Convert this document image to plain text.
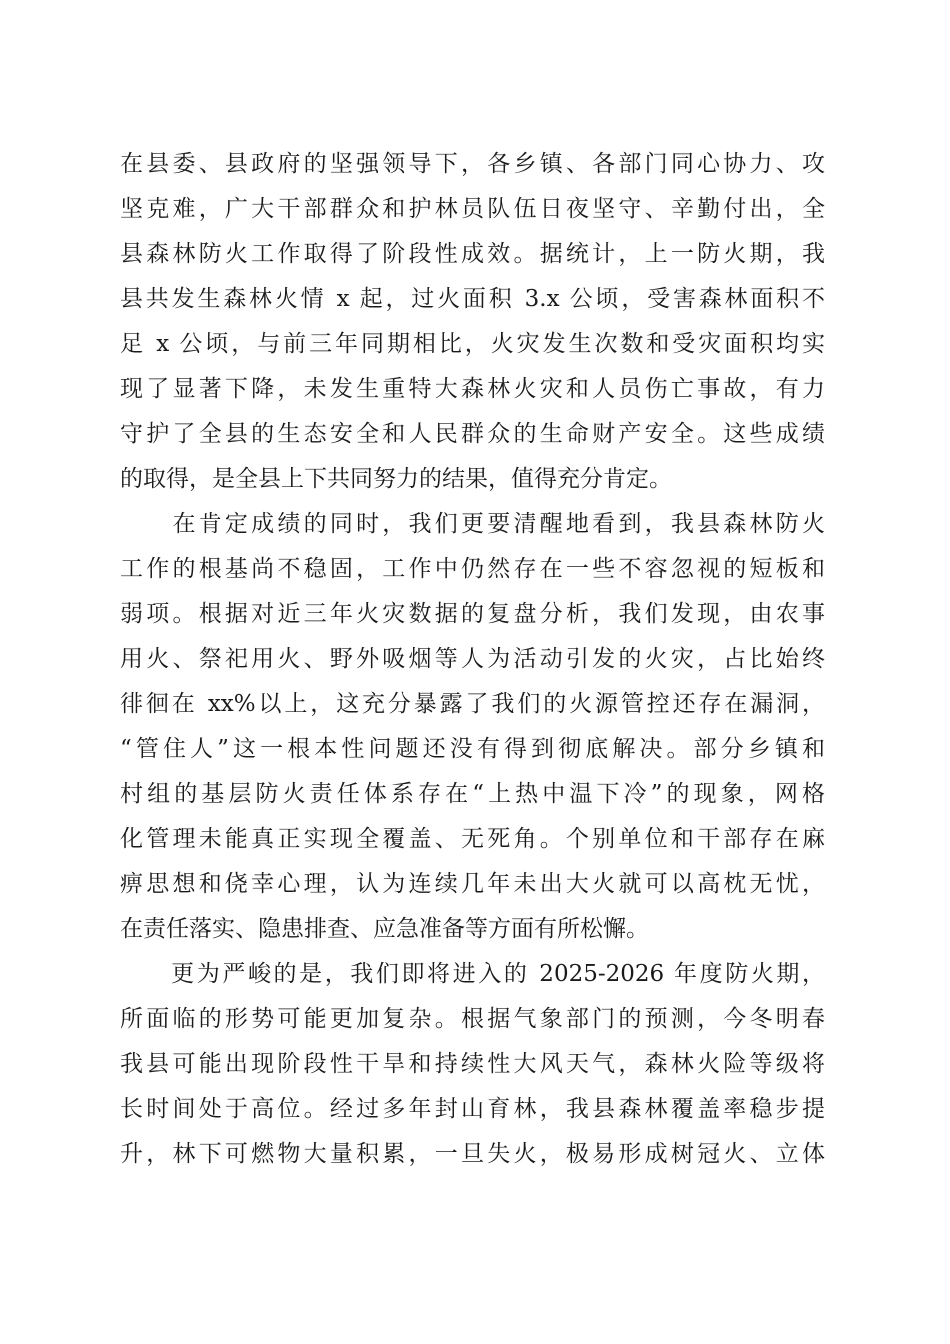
在县委、县政府的坚强领导下，各乡镇、各部门同心协力、攻
坚克难，广大干部群众和护林员队伍日夜坚守、辛勤付出，全
县森林防火工作取得了阶段性成效。据统计，上一防火期，我
县共发生森林火情 x 起，过火面积 3.x 公顷，受害森林面积不
足 x 公顷，与前三年同期相比，火灾发生次数和受灾面积均实
现了显著下降，未发生重特大森林火灾和人员伤亡事故，有力
守护了全县的生态安全和人民群众的生命财产安全。这些成绩
的取得，是全县上下共同努力的结果，值得充分肯定。
　　在肯定成绩的同时，我们更要清醒地看到，我县森林防火
工作的根基尚不稳固，工作中仍然存在一些不容忽视的短板和
弱项。根据对近三年火灾数据的复盘分析，我们发现，由农事
用火、祭祀用火、野外吸烟等人为活动引发的火灾，占比始终
徘徊在 xx%以上，这充分暴露了我们的火源管控还存在漏洞，
“管住人”这一根本性问题还没有得到彻底解决。部分乡镇和
村组的基层防火责任体系存在“上热中温下冷”的现象，网格
化管理未能真正实现全覆盖、无死角。个别单位和干部存在麻
痹思想和侥幸心理，认为连续几年未出大火就可以高枕无忧，
在责任落实、隐患排查、应急准备等方面有所松懈。
　　更为严峻的是，我们即将进入的 2025-2026 年度防火期，
所面临的形势可能更加复杂。根据气象部门的预测，今冬明春
我县可能出现阶段性干旱和持续性大风天气，森林火险等级将
长时间处于高位。经过多年封山育林，我县森林覆盖率稳步提
升，林下可燃物大量积累，一旦失火，极易形成树冠火、立体
